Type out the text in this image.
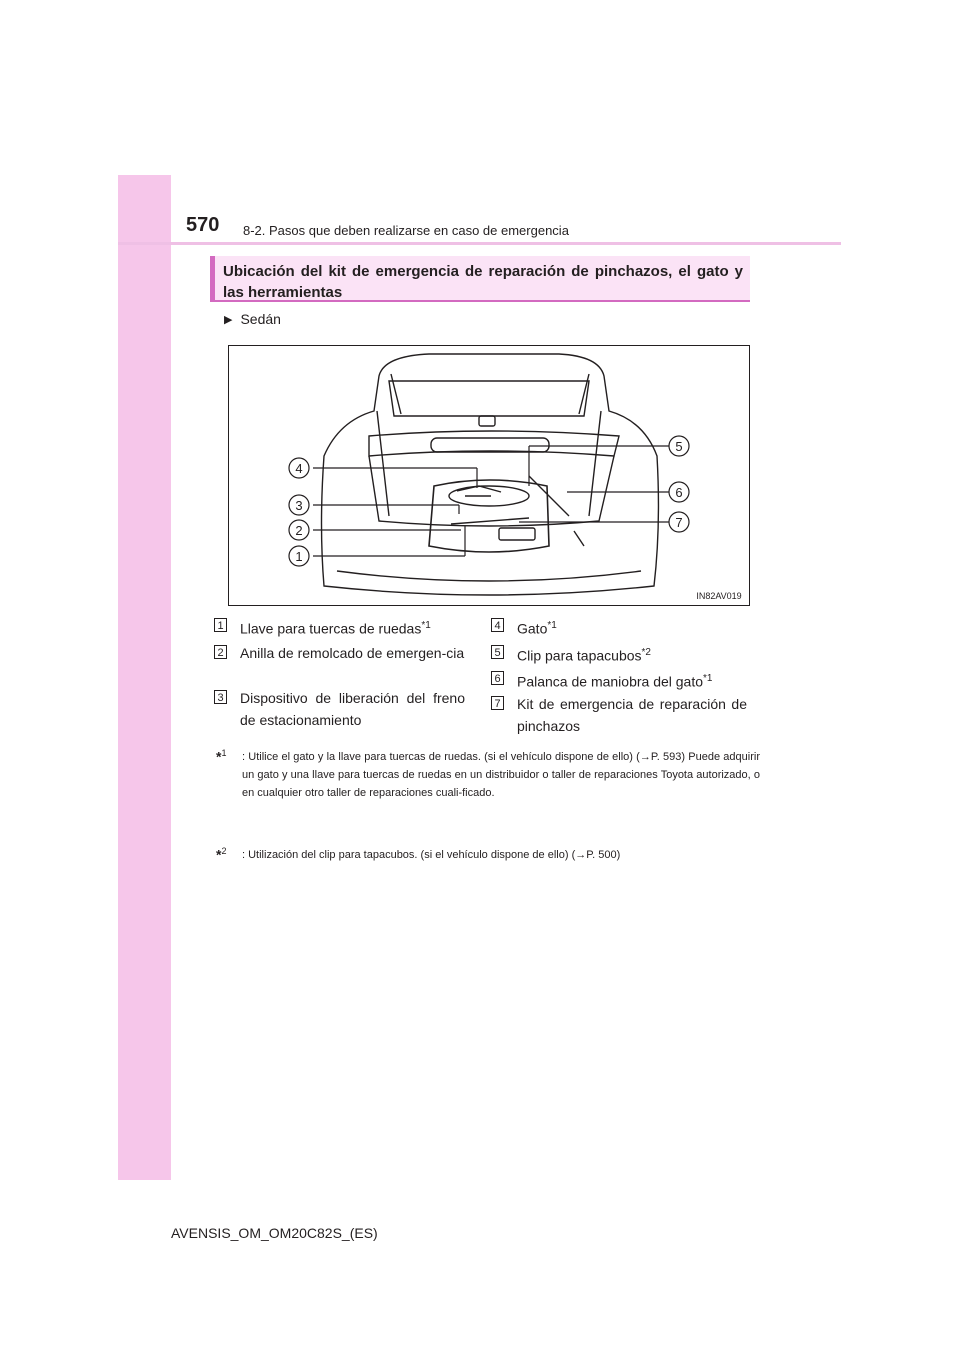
570 8-2. Pasos que deben realizarse en caso de emergencia
Ubicación del kit de emergencia de reparación de pinchazos, el gato y las herramientas
▶ Sedán
4
3
2
1
5
6
7
IN82AV019
1 Llave para tuercas de ruedas$^{*1}$
2 Anilla de remolcado de emergen-cia
3 Dispositivo de liberación del freno de estacionamiento
4 Gato$^{*1}$
5 Clip para tapacubos$^{*2}$
6 Palanca de maniobra del gato$^{*1}$
7 Kit de emergencia de reparación de pinchazos
*$^1$ : Utilice el gato y la llave para tuercas de ruedas. (si el vehículo dispone de ello) (→P. 593) Puede adquirir un gato y una llave para tuercas de ruedas en un distribuidor o taller de reparaciones Toyota autorizado, o en cualquier otro taller de reparaciones cuali-ficado.
*$^2$ : Utilización del clip para tapacubos. (si el vehículo dispone de ello) (→P. 500)
AVENSIS_OM_OM20C82S_(ES)
